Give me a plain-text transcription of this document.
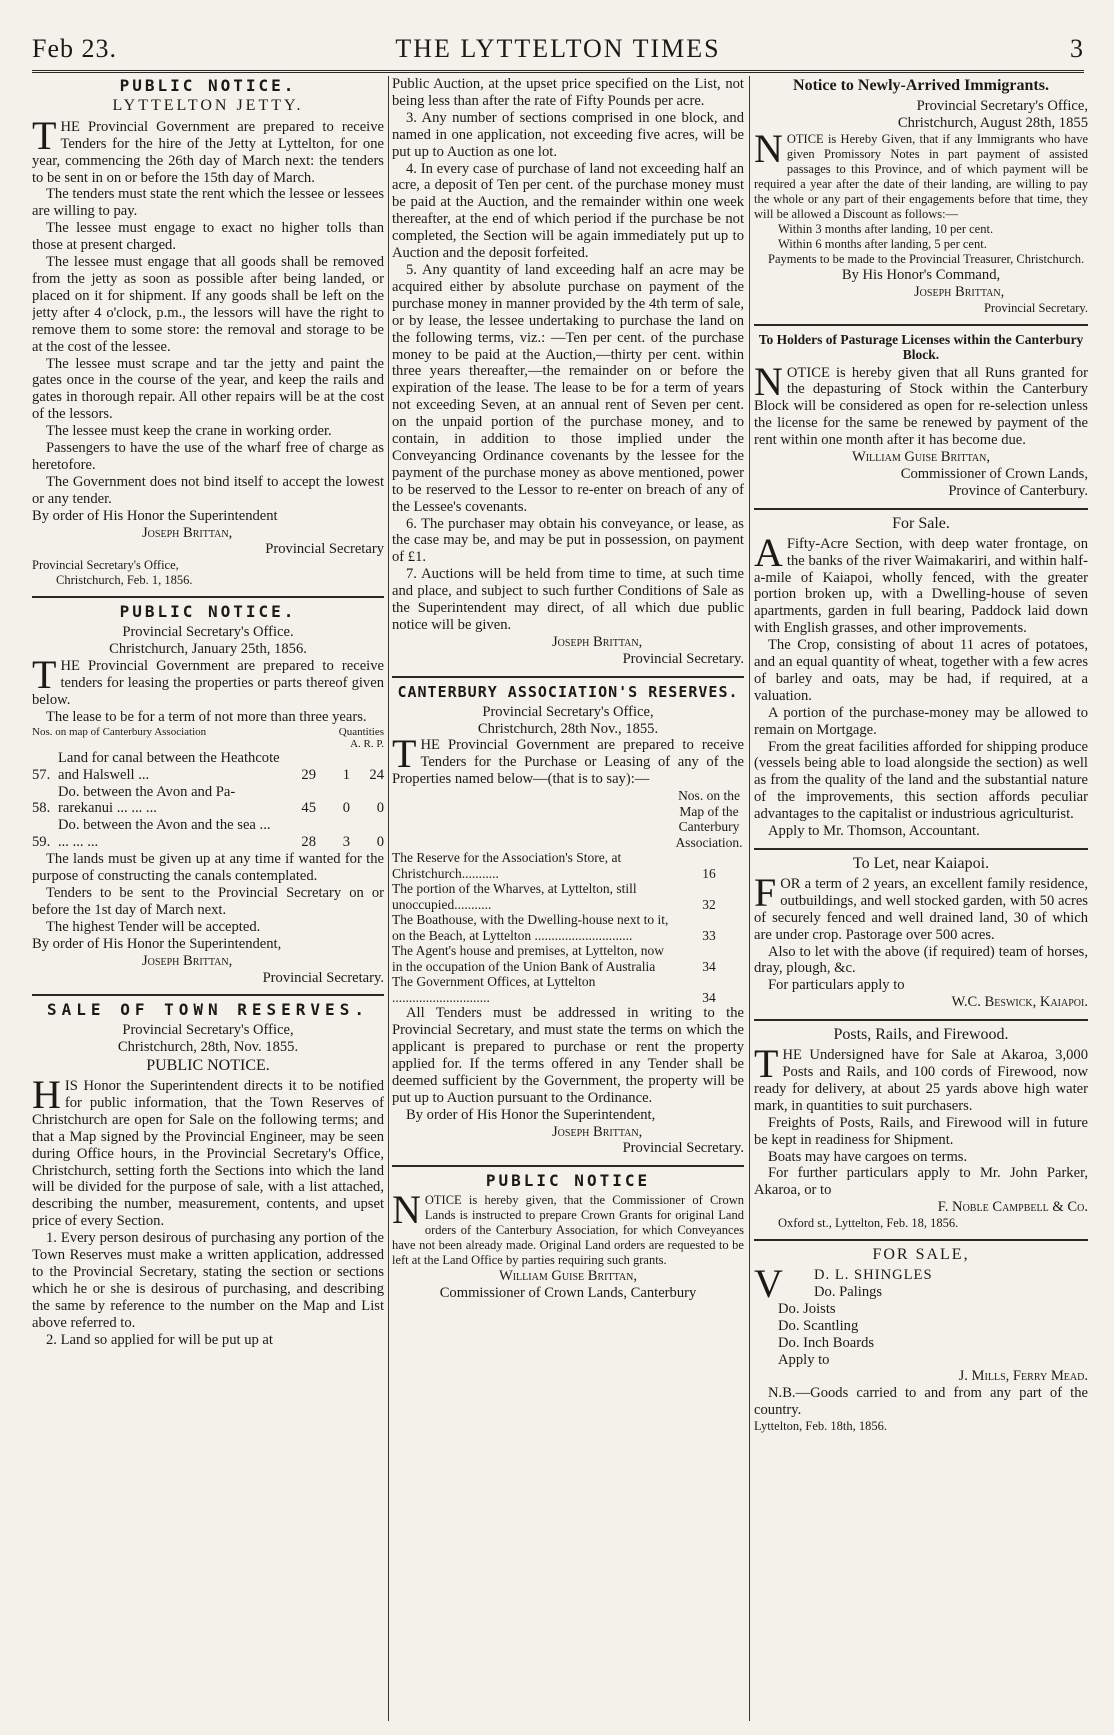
Feb 23.	THE LYTTELTON TIMES	3
PUBLIC NOTICE.
LYTTELTON JETTY.

THE Provincial Government are prepared to receive Tenders for the hire of the Jetty at Lyttelton, for one year, commencing the 26th day of March next: the tenders to be sent in on or before the 15th day of March.

The tenders must state the rent which the lessee or lessees are willing to pay.

The lessee must engage to exact no higher tolls than those at present charged.

The lessee must engage that all goods shall be removed from the jetty as soon as possible after being landed, or placed on it for shipment. If any goods shall be left on the jetty after 4 o'clock, p.m., the lessors will have the right to remove them to some store: the removal and storage to be at the cost of the lessee.

The lessee must scrape and tar the jetty and paint the gates once in the course of the year, and keep the rails and gates in thorough repair. All other repairs will be at the cost of the lessors.

The lessee must keep the crane in working order.

Passengers to have the use of the wharf free of charge as heretofore.

The Government does not bind itself to accept the lowest or any tender.

By order of His Honor the Superintendent
Joseph Brittan,
Provincial Secretary
Provincial Secretary's Office,
Christchurch, Feb. 1, 1856.
PUBLIC NOTICE.
Provincial Secretary's Office.
Christchurch, January 25th, 1856.

THE Provincial Government are prepared to receive tenders for leasing the properties or parts thereof given below.

The lease to be for a term of not more than three years.

Nos. on map of Canterbury Association		Quantities		
		A. R. P.		
57.	Land for canal between the Heathcote and Halswell ...	29	1	24
58.	Do. between the Avon and Pa-rarekanui ... ... ...	45	0	0
59.	Do. between the Avon and the sea ... ... ... ...	28	3	0

The lands must be given up at any time if wanted for the purpose of constructing the canals contemplated.

Tenders to be sent to the Provincial Secretary on or before the 1st day of March next.

The highest Tender will be accepted.

By order of His Honor the Superintendent,
Joseph Brittan,
Provincial Secretary.
SALE OF TOWN RESERVES.
Provincial Secretary's Office,
Christchurch, 28th, Nov. 1855.
PUBLIC NOTICE.

HIS Honor the Superintendent directs it to be notified for public information, that the Town Reserves of Christchurch are open for Sale on the following terms; and that a Map signed by the Provincial Engineer, may be seen during Office hours, in the Provincial Secretary's Office, Christchurch, setting forth the Sections into which the land will be divided for the purpose of sale, with a list attached, describing the number, measurement, contents, and upset price of every Section.

1. Every person desirous of purchasing any portion of the Town Reserves must make a written application, addressed to the Provincial Secretary, stating the section or sections which he or she is desirous of purchasing, and describing the same by reference to the number on the Map and List above referred to.

2. Land so applied for will be put up at

Public Auction, at the upset price specified on the List, not being less than after the rate of Fifty Pounds per acre.

3. Any number of sections comprised in one block, and named in one application, not exceeding five acres, will be put up to Auction as one lot.

4. In every case of purchase of land not exceeding half an acre, a deposit of Ten per cent. of the purchase money must be paid at the Auction, and the remainder within one week thereafter, at the end of which period if the purchase be not completed, the Section will be again immediately put up to Auction and the deposit forfeited.

5. Any quantity of land exceeding half an acre may be acquired either by absolute purchase on payment of the purchase money in manner provided by the 4th term of sale, or by lease, the lessee undertaking to purchase the land on the following terms, viz.: —Ten per cent. of the purchase money to be paid at the Auction,—thirty per cent. within three years thereafter,—the remainder on or before the expiration of the lease. The lease to be for a term of years not exceeding Seven, at an annual rent of Seven per cent. on the unpaid portion of the purchase money, and to contain, in addition to those implied under the Conveyancing Ordinance covenants by the lessee for the payment of the purchase money as above mentioned, power to be reserved to the Lessor to re-enter on breach of any of the Lessee's covenants.

6. The purchaser may obtain his conveyance, or lease, as the case may be, and may be put in possession, on payment of £1.

7. Auctions will be held from time to time, at such time and place, and subject to such further Conditions of Sale as the Superintendent may direct, of all which due public notice will be given.

Joseph Brittan,
Provincial Secretary.
CANTERBURY ASSOCIATION'S RESERVES.
Provincial Secretary's Office,
Christchurch, 28th Nov., 1855.

THE Provincial Government are prepared to receive Tenders for the Purchase or Leasing of any of the Properties named below—(that is to say):—

	Nos. on the Map of the Canterbury Association.
The Reserve for the Association's Store, at Christchurch...........	16
The portion of the Wharves, at Lyttelton, still unoccupied...........	32
The Boathouse, with the Dwelling-house next to it, on the Beach, at Lyttelton .............................	33
The Agent's house and premises, at Lyttelton, now in the occupation of the Union Bank of Australia	34
The Government Offices, at Lyttelton .............................	34

All Tenders must be addressed in writing to the Provincial Secretary, and must state the terms on which the applicant is prepared to purchase or rent the property applied for. If the terms offered in any Tender shall be deemed sufficient by the Government, the property will be put up to Auction pursuant to the Ordinance.

By order of His Honor the Superintendent,

Joseph Brittan,
Provincial Secretary.
PUBLIC NOTICE

NOTICE is hereby given, that the Commissioner of Crown Lands is instructed to prepare Crown Grants for original Land orders of the Canterbury Association, for which Conveyances have not been already made. Original Land orders are requested to be left at the Land Office by parties requiring such grants.

William Guise Brittan,
Commissioner of Crown Lands, Canterbury
Notice to Newly-Arrived Immigrants.
Provincial Secretary's Office,
Christchurch, August 28th, 1855

NOTICE is Hereby Given, that if any Immigrants who have given Promissory Notes in part payment of assisted passages to this Province, and of which payment will be required a year after the date of their landing, are willing to pay the whole or any part of their engagements before that time, they will be allowed a Discount as follows:—

Within 3 months after landing, 10 per cent.
Within 6 months after landing, 5 per cent.

Payments to be made to the Provincial Treasurer, Christchurch.

By His Honor's Command,
Joseph Brittan,
Provincial Secretary.
To Holders of Pasturage Licenses within the Canterbury Block.

NOTICE is hereby given that all Runs granted for the depasturing of Stock within the Canterbury Block will be considered as open for re-selection unless the license for the same be renewed by payment of the rent within one month after it has become due.

William Guise Brittan,
Commissioner of Crown Lands,
Province of Canterbury.
For Sale.

A Fifty-Acre Section, with deep water frontage, on the banks of the river Waimakariri, and within half-a-mile of Kaiapoi, wholly fenced, with the greater portion broken up, with a Dwelling-house of seven apartments, garden in full bearing, Paddock laid down with English grasses, and other improvements.

The Crop, consisting of about 11 acres of potatoes, and an equal quantity of wheat, together with a few acres of barley and oats, may be had, if required, at a valuation.

A portion of the purchase-money may be allowed to remain on Mortgage.

From the great facilities afforded for shipping produce (vessels being able to load alongside the section) as well as from the quality of the land and the substantial nature of the improvements, this section affords peculiar advantages to the capitalist or industrious agriculturist.

Apply to Mr. Thomson, Accountant.

To Let, near Kaiapoi.

FOR a term of 2 years, an excellent family residence, outbuildings, and well stocked garden, with 50 acres of securely fenced and well drained land, 30 of which are under crop. Pastorage over 500 acres.

Also to let with the above (if required) team of horses, dray, plough, &c.

For particulars apply to

W.C. Beswick, Kaiapoi.
Posts, Rails, and Firewood.

THE Undersigned have for Sale at Akaroa, 3,000 Posts and Rails, and 100 cords of Firewood, now ready for delivery, at about 25 yards above high water mark, in quantities to suit purchasers.

Freights of Posts, Rails, and Firewood will in future be kept in readiness for Shipment.

Boats may have cargoes on terms.

For further particulars apply to Mr. John Parker, Akaroa, or to

F. Noble Campbell & Co.
Oxford st., Lyttelton, Feb. 18, 1856.
FOR SALE,
V	D. L. SHINGLES
Do. Palings
Do. Joists
Do. Scantling
Do. Inch Boards
Apply to
J. Mills, Ferry Mead.

N.B.—Goods carried to and from any part of the country.

Lyttelton, Feb. 18th, 1856.
